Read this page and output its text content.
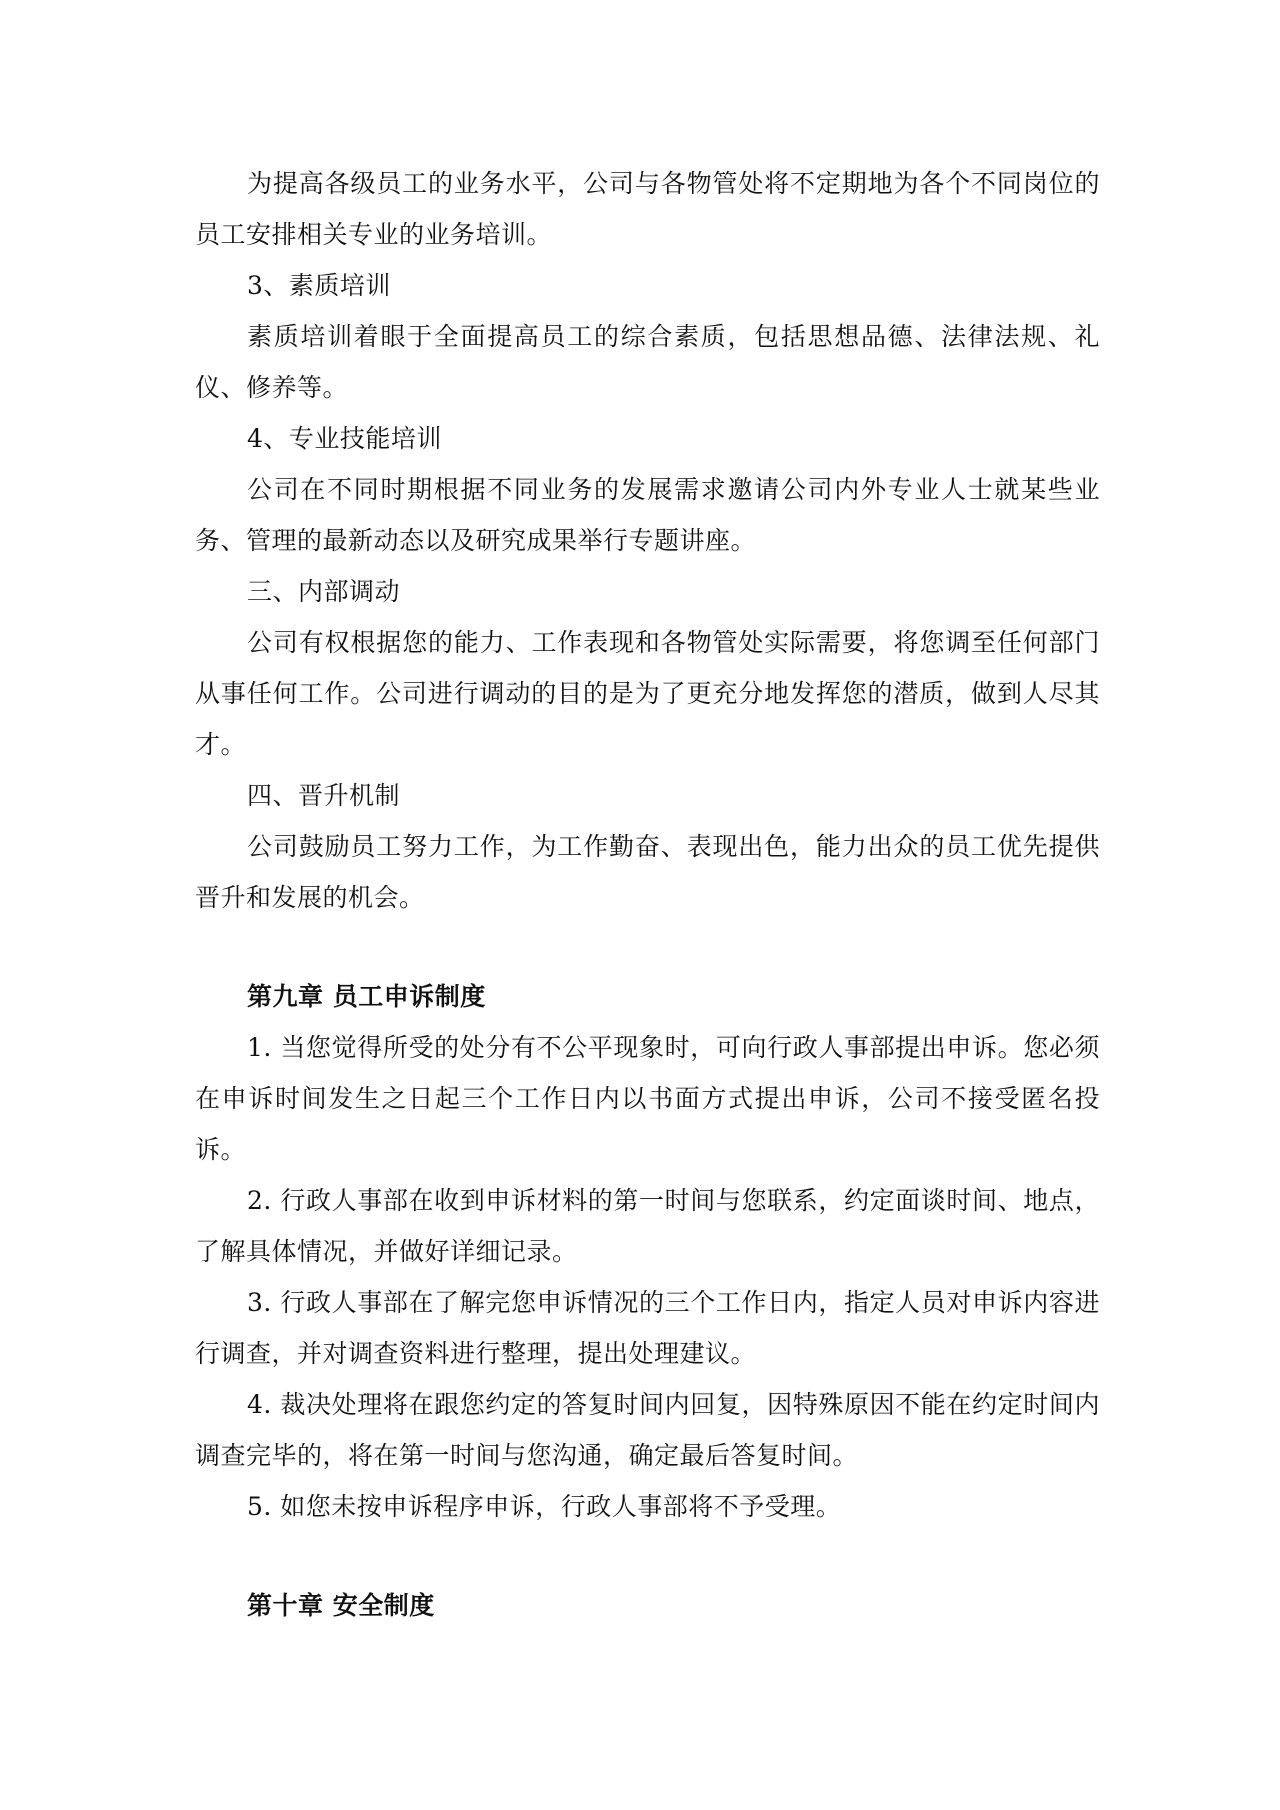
为提高各级员工的业务水平，公司与各物管处将不定期地为各个不同岗位的员工安排相关专业的业务培训。

3、素质培训

素质培训着眼于全面提高员工的综合素质，包括思想品德、法律法规、礼仪、修养等。

4、专业技能培训

公司在不同时期根据不同业务的发展需求邀请公司内外专业人士就某些业务、管理的最新动态以及研究成果举行专题讲座。

三、内部调动

公司有权根据您的能力、工作表现和各物管处实际需要，将您调至任何部门从事任何工作。公司进行调动的目的是为了更充分地发挥您的潜质，做到人尽其才。

四、晋升机制

公司鼓励员工努力工作，为工作勤奋、表现出色，能力出众的员工优先提供晋升和发展的机会。

第九章 员工申诉制度

1. 当您觉得所受的处分有不公平现象时，可向行政人事部提出申诉。您必须在申诉时间发生之日起三个工作日内以书面方式提出申诉，公司不接受匿名投诉。

2. 行政人事部在收到申诉材料的第一时间与您联系，约定面谈时间、地点，了解具体情况，并做好详细记录。

3. 行政人事部在了解完您申诉情况的三个工作日内，指定人员对申诉内容进行调查，并对调查资料进行整理，提出处理建议。

4. 裁决处理将在跟您约定的答复时间内回复，因特殊原因不能在约定时间内调查完毕的，将在第一时间与您沟通，确定最后答复时间。

5. 如您未按申诉程序申诉，行政人事部将不予受理。

第十章 安全制度
